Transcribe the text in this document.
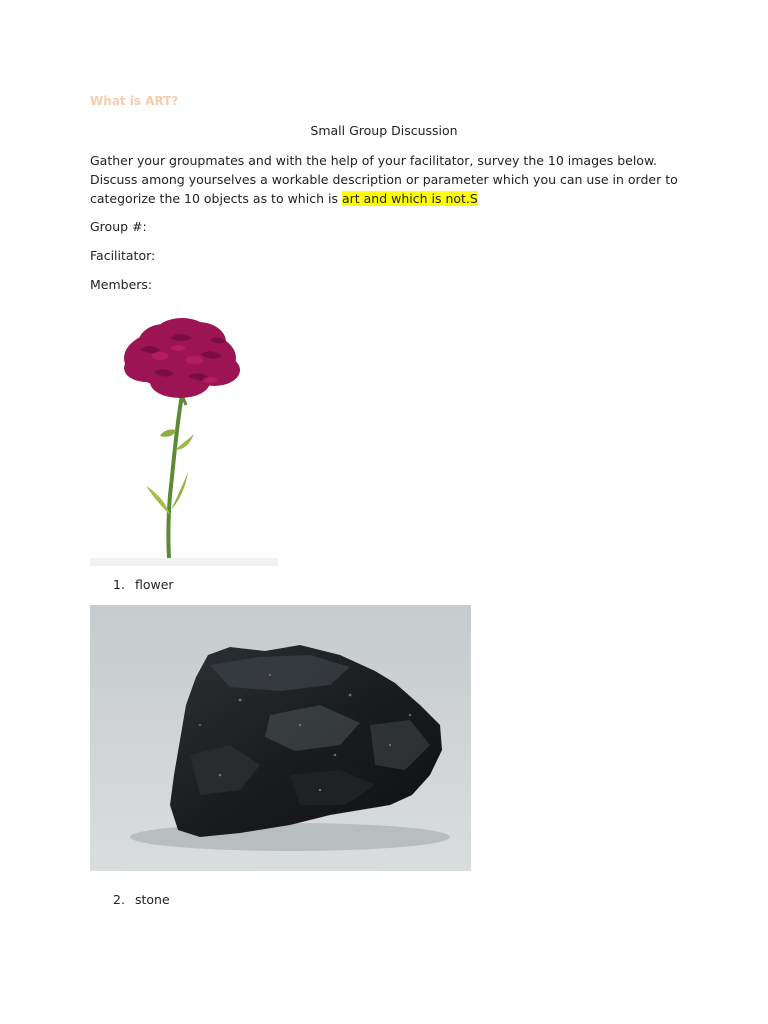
What is ART?
Small Group Discussion
Gather your groupmates and with the help of your facilitator, survey the 10 images below. Discuss among yourselves a workable description or parameter which you can use in order to categorize the 10 objects as to which is art and which is not.S
Group #:
Facilitator:
Members:
1. flower
2. stone
